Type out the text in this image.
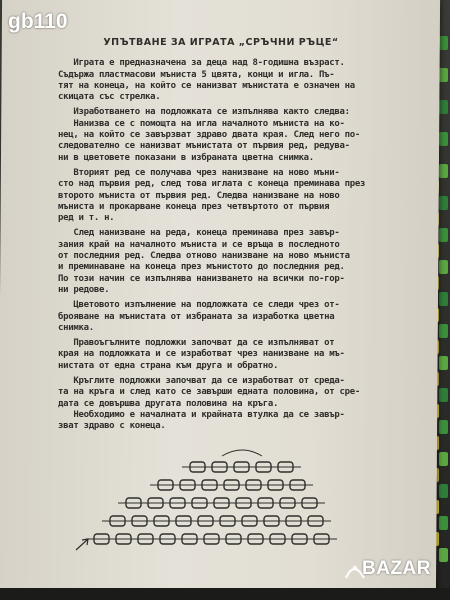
УПЪТВАНЕ ЗА ИГРАТА „СРЪЧНИ РЪЦЕ“

Играта е предназначена за деца над 8-годишна възраст.
Съдържа пластмасови мъниста 5 цвята, конци и игла. Пъ-
тят на конеца, на който се нанизват мънистата е означен на
скицата със стрелка.

Изработването на подложката се изпълнява както следва:
Нанизва се с помощта на игла началното мъниста на ко-
нец, на който се завързват здраво двата края. След него по-
следователно се нанизват мънистата от първия ред, редува-
ни в цветовете показани в избраната цветна снимка.

Вторият ред се получава чрез нанизване на ново мъни-
сто над първия ред, след това иглата с конеца преминава през
второто мъниста от първия ред. Следва нанизване на ново
мъниста и прокарване конеца през четвъртото от първия
ред и т. н.

След нанизване на реда, конеца преминава през завър-
зания край на началното мъниста и се връща в последното
от последния ред. Следва отново нанизване на ново мъниста
и преминаване на конеца през мънистото до последния ред.
По този начин се изпълнява нанизването на всички по-гор-
ни редове.

Цветовото изпълнение на подложката се следи чрез от-
брояване на мънистата от избраната за изработка цветна
снимка.

Правоъгълните подложки започват да се изпълняват от
края на подложката и се изработват чрез нанизване на мъ-
нистата от една страна към друга и обратно.

Кръглите подложки започват да се изработват от среда-
та на кръга и след като се завърши едната половина, от сре-
дата се довършва другата половина на кръга.
Необходимо е началната и крайната втулка да се завър-
зват здраво с конеца.

gb110
BAZAR
